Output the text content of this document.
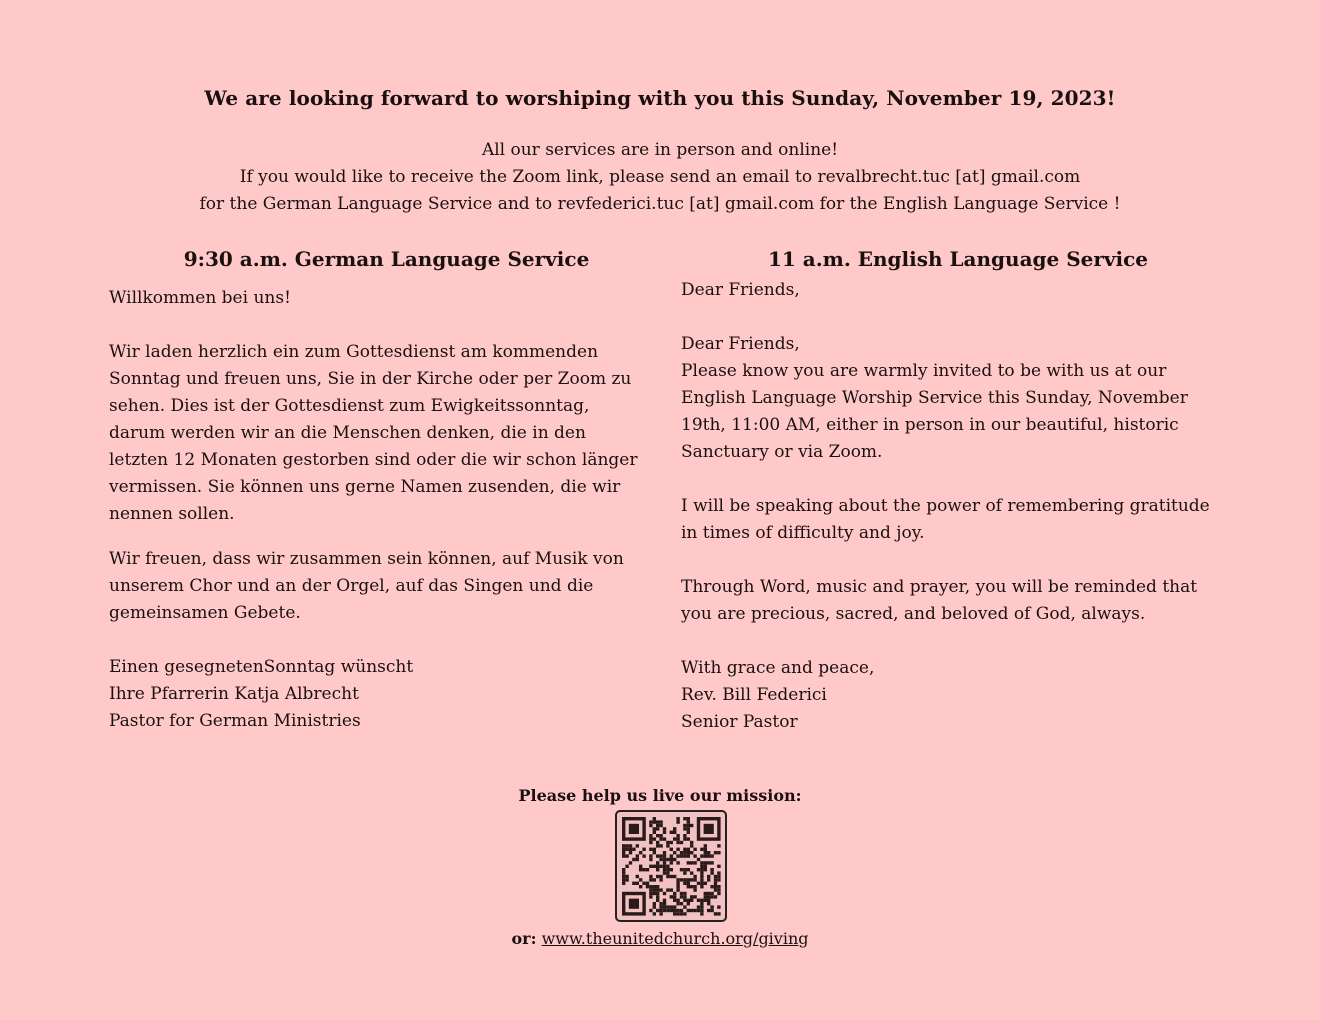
We are looking forward to worshiping with you this Sunday, November 19, 2023!
All our services are in person and online!
If you would like to receive the Zoom link, please send an email to revalbrecht.tuc [at] gmail.com
for the German Language Service and to revfederici.tuc [at] gmail.com for the English Language Service !
9:30 a.m. German Language Service	11 a.m. English Language Service
Willkommen bei uns!
Wir laden herzlich ein zum Gottesdienst am kommenden
Sonntag und freuen uns, Sie in der Kirche oder per Zoom zu
sehen. Dies ist der Gottesdienst zum Ewigkeitssonntag,
darum werden wir an die Menschen denken, die in den
letzten 12 Monaten gestorben sind oder die wir schon länger
vermissen. Sie können uns gerne Namen zusenden, die wir
nennen sollen.
Wir freuen, dass wir zusammen sein können, auf Musik von
unserem Chor und an der Orgel, auf das Singen und die
gemeinsamen Gebete.
Einen gesegnetenSonntag wünscht
Ihre Pfarrerin Katja Albrecht
Pastor for German Ministries
Dear Friends,
Dear Friends,
Please know you are warmly invited to be with us at our
English Language Worship Service this Sunday, November
19th, 11:00 AM, either in person in our beautiful, historic
Sanctuary or via Zoom.
I will be speaking about the power of remembering gratitude
in times of difficulty and joy.
Through Word, music and prayer, you will be reminded that
you are precious, sacred, and beloved of God, always.
With grace and peace,
Rev. Bill Federici
Senior Pastor
Please help us live our mission:
or: www.theunitedchurch.org/giving
